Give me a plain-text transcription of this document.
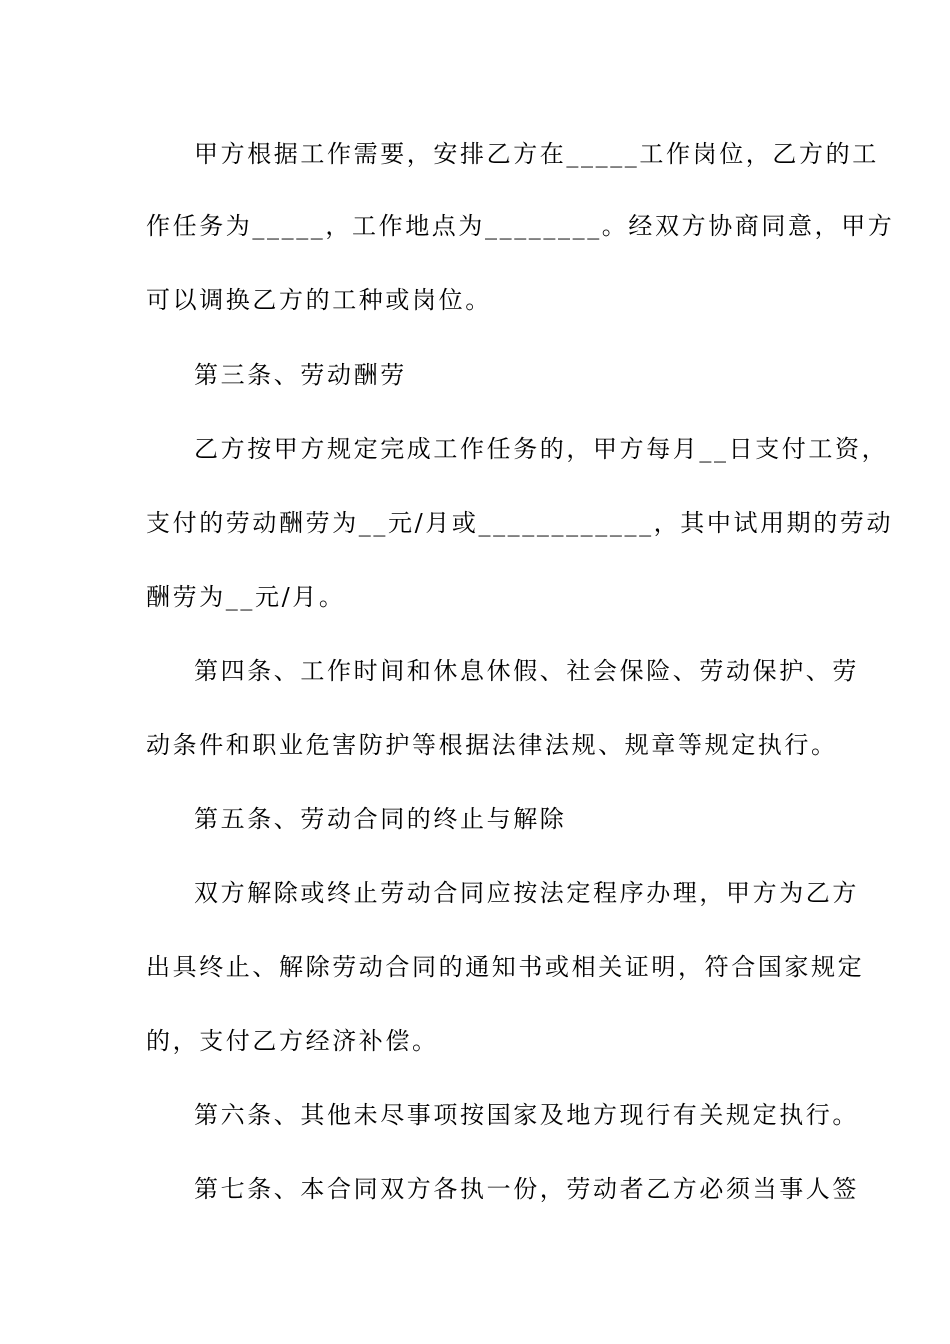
甲方根据工作需要，安排乙方在_____工作岗位，乙方的工

作任务为_____，工作地点为________。经双方协商同意，甲方

可以调换乙方的工种或岗位。

第三条、劳动酬劳

乙方按甲方规定完成工作任务的，甲方每月__日支付工资，

支付的劳动酬劳为__元/月或____________，其中试用期的劳动

酬劳为__元/月。

第四条、工作时间和休息休假、社会保险、劳动保护、劳

动条件和职业危害防护等根据法律法规、规章等规定执行。

第五条、劳动合同的终止与解除

双方解除或终止劳动合同应按法定程序办理，甲方为乙方

出具终止、解除劳动合同的通知书或相关证明，符合国家规定

的，支付乙方经济补偿。

第六条、其他未尽事项按国家及地方现行有关规定执行。

第七条、本合同双方各执一份，劳动者乙方必须当事人签
